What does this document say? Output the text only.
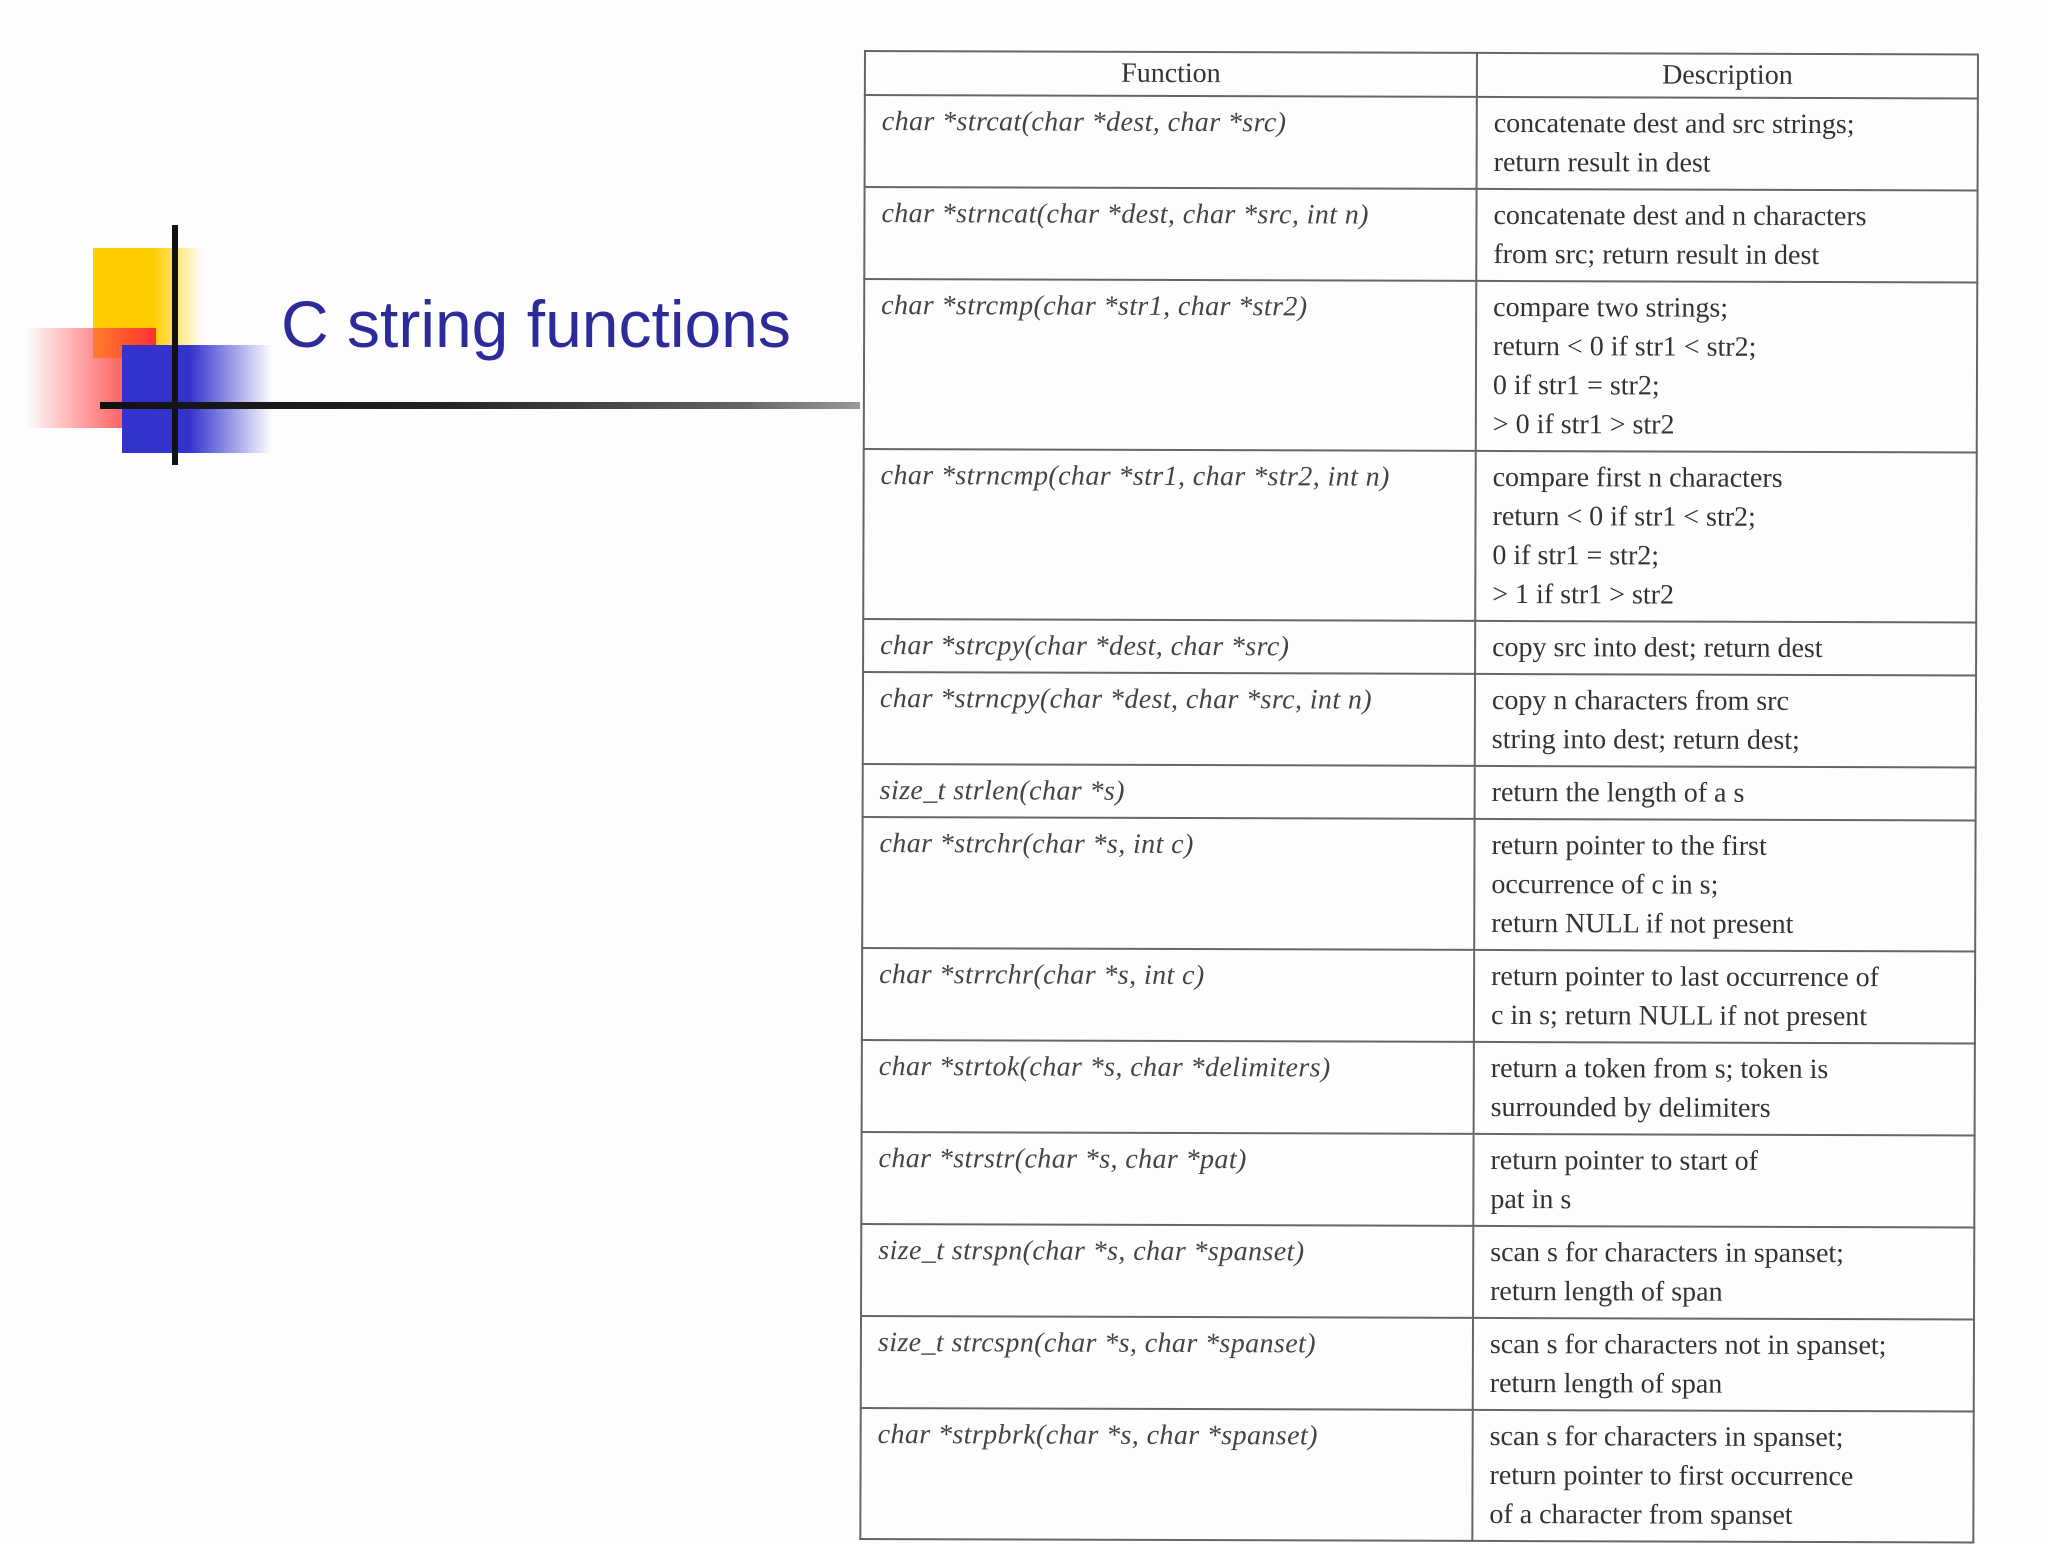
C string functions
Function	Description
char *strcat(char *dest, char *src)	concatenate dest and src strings;
return result in dest

char *strncat(char *dest, char *src, int n)	concatenate dest and n characters
from src; return result in dest

char *strcmp(char *str1, char *str2)	compare two strings;
return < 0 if str1 < str2;
0 if str1 = str2;
> 0 if str1 > str2

char *strncmp(char *str1, char *str2, int n)	compare first n characters
return < 0 if str1 < str2;
0 if str1 = str2;
> 1 if str1 > str2

char *strcpy(char *dest, char *src)	copy src into dest; return dest

char *strncpy(char *dest, char *src, int n)	copy n characters from src
string into dest; return dest;

size_t strlen(char *s)	return the length of a s

char *strchr(char *s, int c)	return pointer to the first
occurrence of c in s;
return NULL if not present

char *strrchr(char *s, int c)	return pointer to last occurrence of
c in s; return NULL if not present

char *strtok(char *s, char *delimiters)	return a token from s; token is
surrounded by delimiters

char *strstr(char *s, char *pat)	return pointer to start of
pat in s

size_t strspn(char *s, char *spanset)	scan s for characters in spanset;
return length of span

size_t strcspn(char *s, char *spanset)	scan s for characters not in spanset;
return length of span

char *strpbrk(char *s, char *spanset)	scan s for characters in spanset;
return pointer to first occurrence
of a character from spanset
